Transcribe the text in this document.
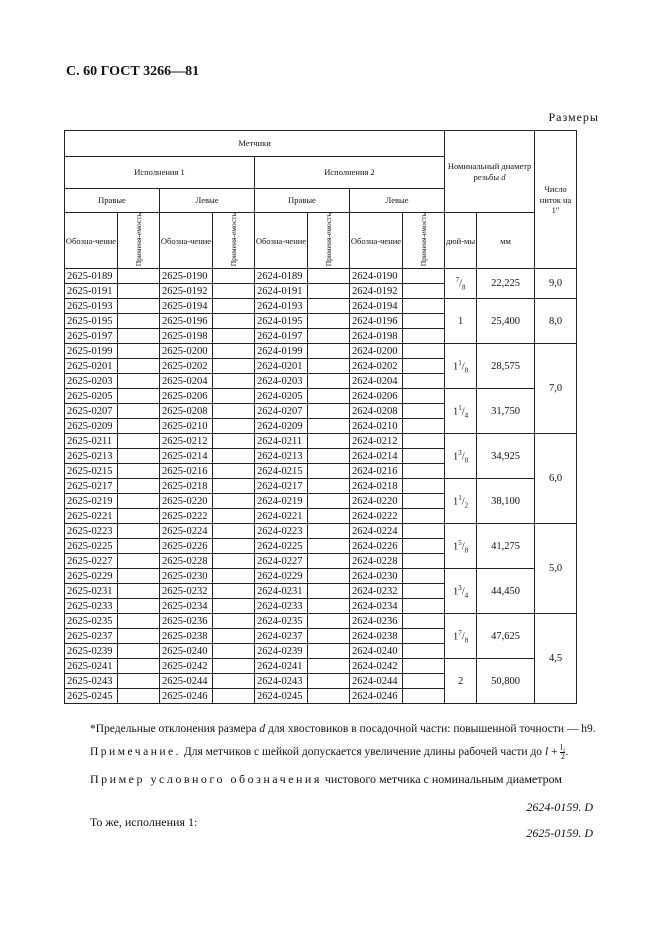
С. 60 ГОСТ 3266—81
Размеры
Метчики								Номинальный диаметр резьбы d		Число ниток на 1″	
Исполнения 1				Исполнения 2							
Правые		Левые		Правые		Левые					
Обозна-чение	Применя-емость	Обозна-чение	Применя-емость	Обозна-чение	Применя-емость	Обозна-чение	Применя-емость	дюй-мы	мм		
2625-0189		2625-0190		2624-0189		2624-0190		$^7/_8$	22,225	9,0	
2625-0191		2625-0192		2624-0191		2624-0192					
2625-0193		2625-0194		2624-0193		2624-0194		1	25,400	8,0	
2625-0195		2625-0196		2624-0195		2624-0196					
2625-0197		2625-0198		2624-0197		2624-0198					
2625-0199		2625-0200		2624-0199		2624-0200		$1^1/_8$	28,575	7,0	
2625-0201		2625-0202		2624-0201		2624-0202					
2625-0203		2625-0204		2624-0203		2624-0204					
2625-0205		2625-0206		2624-0205		2624-0206		$1^1/_4$	31,750		
2625-0207		2625-0208		2624-0207		2624-0208					
2625-0209		2625-0210		2624-0209		2624-0210					
2625-0211		2625-0212		2624-0211		2624-0212		$1^3/_8$	34,925	6,0	
2625-0213		2625-0214		2624-0213		2624-0214					
2625-0215		2625-0216		2624-0215		2624-0216					
2625-0217		2625-0218		2624-0217		2624-0218		$1^1/_2$	38,100		
2625-0219		2625-0220		2624-0219		2624-0220					
2625-0221		2625-0222		2624-0221		2624-0222					
2625-0223		2625-0224		2624-0223		2624-0224		$1^5/_8$	41,275	5,0	
2625-0225		2625-0226		2624-0225		2624-0226					
2625-0227		2625-0228		2624-0227		2624-0228					
2625-0229		2625-0230		2624-0229		2624-0230		$1^3/_4$	44,450		
2625-0231		2625-0232		2624-0231		2624-0232					
2625-0233		2625-0234		2624-0233		2624-0234					
2625-0235		2625-0236		2624-0235		2624-0236		$1^7/_8$	47,625	4,5	
2625-0237		2625-0238		2624-0237		2624-0238					
2625-0239		2625-0240		2624-0239		2624-0240					
2625-0241		2625-0242		2624-0241		2624-0242		2	50,800		
2625-0243		2625-0244		2624-0243		2624-0244					
2625-0245		2625-0246		2624-0245		2624-0246					
*Предельные отклонения размера d для хвостовиков в посадочной части: повышенной точности — h9.
Примечание. Для метчиков с шейкой допускается увеличение длины рабочей части до $l + \frac{\text{l₂}}{2}$ .
Пример условного обозначения чистового метчика с номинальным диаметром
2624-0159. D
То же, исполнения 1:
2625-0159. D
